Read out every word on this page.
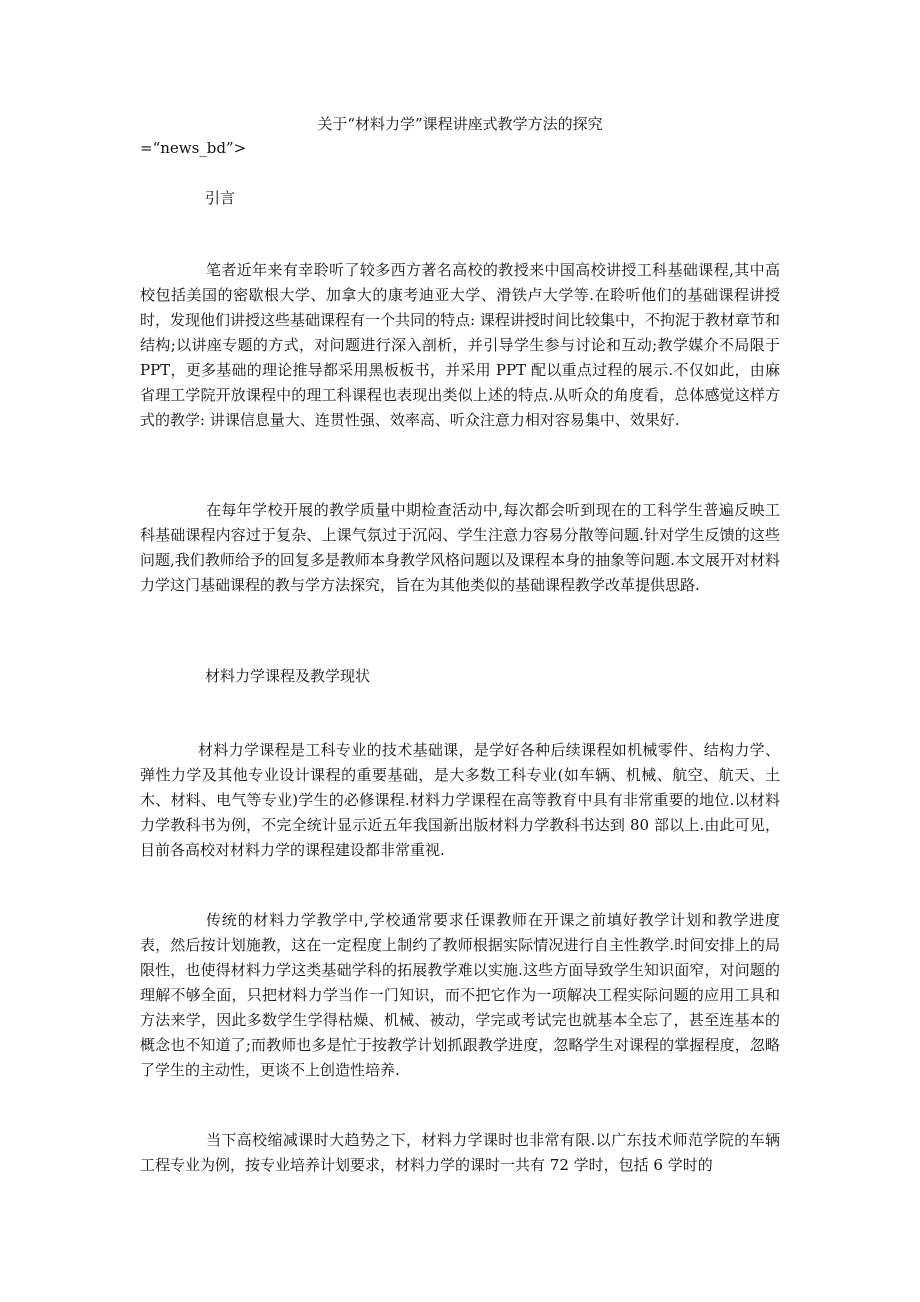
关于“材料力学”课程讲座式教学方法的探究
=“news_bd”>
引言

笔者近年来有幸聆听了较多西方著名高校的教授来中国高校讲授工科基础课程,其中高校包括美国的密歇根大学、加拿大的康考迪亚大学、滑铁卢大学等.在聆听他们的基础课程讲授时，发现他们讲授这些基础课程有一个共同的特点: 课程讲授时间比较集中，不拘泥于教材章节和结构;以讲座专题的方式，对问题进行深入剖析，并引导学生参与讨论和互动;教学媒介不局限于 PPT，更多基础的理论推导都采用黑板板书，并采用 PPT 配以重点过程的展示.不仅如此，由麻省理工学院开放课程中的理工科课程也表现出类似上述的特点.从听众的角度看，总体感觉这样方式的教学: 讲课信息量大、连贯性强、效率高、听众注意力相对容易集中、效果好.

在每年学校开展的教学质量中期检查活动中,每次都会听到现在的工科学生普遍反映工科基础课程内容过于复杂、上课气氛过于沉闷、学生注意力容易分散等问题.针对学生反馈的这些问题,我们教师给予的回复多是教师本身教学风格问题以及课程本身的抽象等问题.本文展开对材料力学这门基础课程的教与学方法探究，旨在为其他类似的基础课程教学改革提供思路.

材料力学课程及教学现状

材料力学课程是工科专业的技术基础课，是学好各种后续课程如机械零件、结构力学、弹性力学及其他专业设计课程的重要基础，是大多数工科专业(如车辆、机械、航空、航天、土木、材料、电气等专业)学生的必修课程.材料力学课程在高等教育中具有非常重要的地位.以材料力学教科书为例，不完全统计显示近五年我国新出版材料力学教科书达到 80 部以上.由此可见，目前各高校对材料力学的课程建设都非常重视.

传统的材料力学教学中,学校通常要求任课教师在开课之前填好教学计划和教学进度表，然后按计划施教，这在一定程度上制约了教师根据实际情况进行自主性教学.时间安排上的局限性，也使得材料力学这类基础学科的拓展教学难以实施.这些方面导致学生知识面窄，对问题的理解不够全面，只把材料力学当作一门知识，而不把它作为一项解决工程实际问题的应用工具和方法来学，因此多数学生学得枯燥、机械、被动，学完或考试完也就基本全忘了，甚至连基本的概念也不知道了;而教师也多是忙于按教学计划抓跟教学进度，忽略学生对课程的掌握程度，忽略了学生的主动性，更谈不上创造性培养.

当下高校缩减课时大趋势之下，材料力学课时也非常有限.以广东技术师范学院的车辆工程专业为例，按专业培养计划要求，材料力学的课时一共有 72 学时，包括 6 学时的
